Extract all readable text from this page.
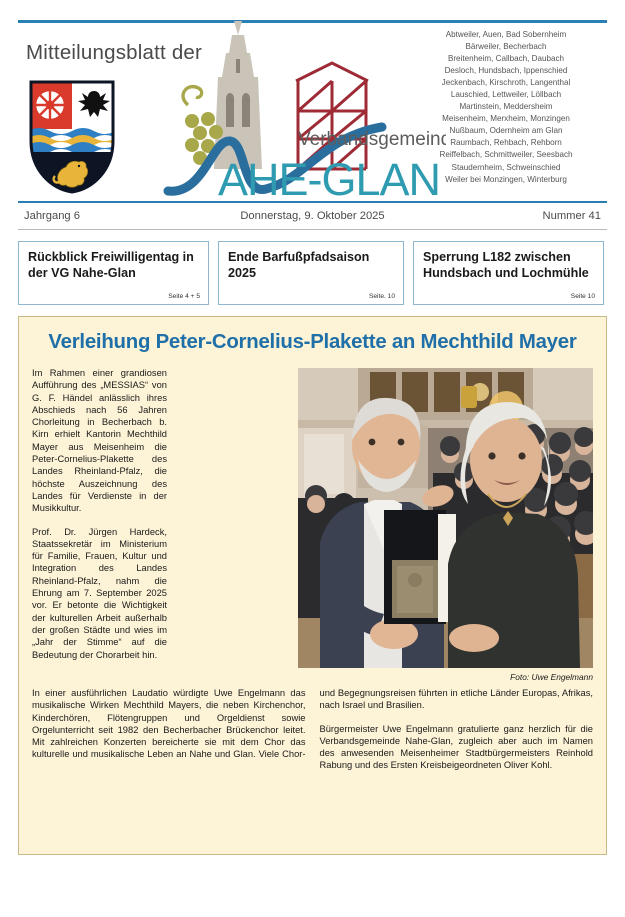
Mitteilungsblatt der
Verbandsgemeinde
AHE-GLAN
Abtweiler, Auen, Bad Sobernheim
Bärweiler, Becherbach
Breitenheim, Callbach, Daubach
Desloch, Hundsbach, Ippenschied
Jeckenbach, Kirschroth, Langenthal
Lauschied, Lettweiler, Löllbach
Martinstein, Meddersheim
Meisenheim, Merxheim, Monzingen
Nußbaum, Odernheim am Glan
Raumbach, Rehbach, Rehborn
Reiffelbach, Schmittweiler, Seesbach
Staudernheim, Schweinschied
Weiler bei Monzingen, Winterburg
Jahrgang 6	Donnerstag, 9. Oktober 2025	Nummer 41
Rückblick Freiwilligentag in der VG Nahe-Glan
Seite 4 + 5
Ende Barfußpfadsaison 2025
Seite. 10
Sperrung L182 zwischen Hundsbach und Lochmühle
Seite 10
Verleihung Peter-Cornelius-Plakette an Mechthild Mayer
Foto: Uwe Engelmann

Im Rahmen einer grandiosen Aufführung des „MESSIAS“ von G. F. Händel anlässlich ihres Abschieds nach 56 Jahren Chorleitung in Becherbach b. Kirn erhielt Kantorin Mechthild Mayer aus Meisenheim die Peter-Cornelius-Plakette des Landes Rheinland-Pfalz, die höchste Auszeichnung des Landes für Verdienste in der Musikkultur.

Prof. Dr. Jürgen Hardeck, Staatssekretär im Ministerium für Familie, Frauen, Kultur und Integration des Landes Rheinland-Pfalz, nahm die Ehrung am 7. September 2025 vor. Er betonte die Wichtigkeit der kulturellen Arbeit außerhalb der großen Städte und wies im „Jahr der Stimme“ auf die Bedeutung der Chorarbeit hin.

In einer ausführlichen Laudatio würdigte Uwe Engelmann das musikalische Wirken Mechthild Mayers, die neben Kirchenchor, Kinderchören, Flötengruppen und Orgeldienst sowie Orgelunterricht seit 1982 den Becherbacher Brückenchor leitet. Mit zahlreichen Konzerten bereicherte sie mit dem Chor das kulturelle und musikalische Leben an Nahe und Glan. Viele Chor- und Begegnungsreisen führten in etliche Länder Europas, Afrikas, nach Israel und Brasilien.

Bürgermeister Uwe Engelmann gratulierte ganz herzlich für die Verbandsgemeinde Nahe-Glan, zugleich aber auch im Namen des anwesenden Meisenheimer Stadtbürgermeisters Reinhold Rabung und des Ersten Kreisbeigeordneten Oliver Kohl.
